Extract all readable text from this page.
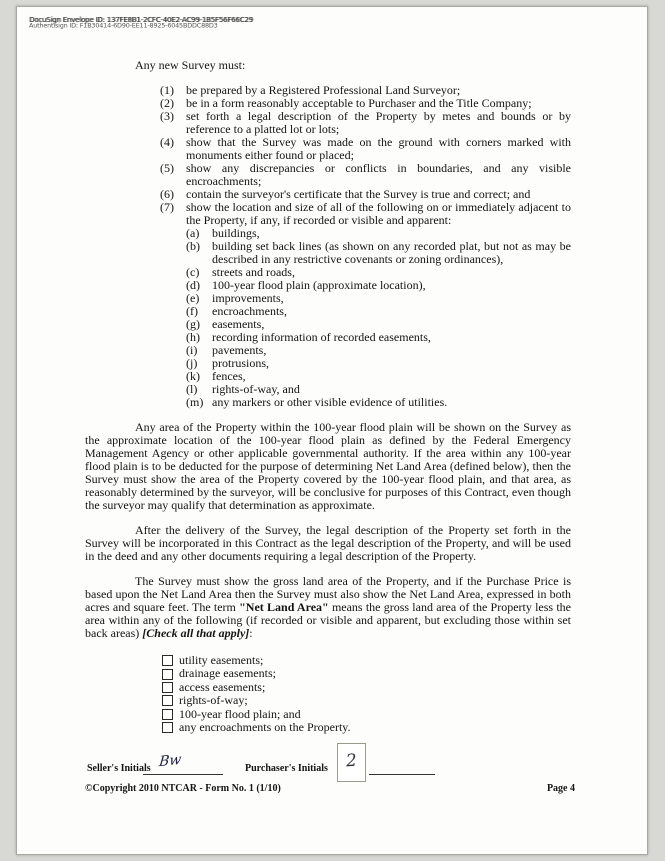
DocuSign Envelope ID: 137FE8B1-2CFC-40E2-AC99-1B5F56F66C29
Authentisign ID: F1B30414-6D90-EE11-8925-6045BDDC88D3

Any new Survey must:

(1) be prepared by a Registered Professional Land Surveyor;
(2) be in a form reasonably acceptable to Purchaser and the Title Company;
(3) set forth a legal description of the Property by metes and bounds or by reference to a platted lot or lots;
(4) show that the Survey was made on the ground with corners marked with monuments either found or placed;
(5) show any discrepancies or conflicts in boundaries, and any visible encroachments;
(6) contain the surveyor's certificate that the Survey is true and correct; and
(7) show the location and size of all of the following on or immediately adjacent to the Property, if any, if recorded or visible and apparent:
(a) buildings,
(b) building set back lines (as shown on any recorded plat, but not as may be described in any restrictive covenants or zoning ordinances),
(c) streets and roads,
(d) 100-year flood plain (approximate location),
(e) improvements,
(f) encroachments,
(g) easements,
(h) recording information of recorded easements,
(i) pavements,
(j) protrusions,
(k) fences,
(l) rights-of-way, and
(m) any markers or other visible evidence of utilities.

Any area of the Property within the 100-year flood plain will be shown on the Survey as the approximate location of the 100-year flood plain as defined by the Federal Emergency Management Agency or other applicable governmental authority. If the area within any 100-year flood plain is to be deducted for the purpose of determining Net Land Area (defined below), then the Survey must show the area of the Property covered by the 100-year flood plain, and that area, as reasonably determined by the surveyor, will be conclusive for purposes of this Contract, even though the surveyor may qualify that determination as approximate.

After the delivery of the Survey, the legal description of the Property set forth in the Survey will be incorporated in this Contract as the legal description of the Property, and will be used in the deed and any other documents requiring a legal description of the Property.

The Survey must show the gross land area of the Property, and if the Purchase Price is based upon the Net Land Area then the Survey must also show the Net Land Area, expressed in both acres and square feet. The term "Net Land Area" means the gross land area of the Property less the area within any of the following (if recorded or visible and apparent, but excluding those within set back areas) [Check all that apply]:

utility easements;
drainage easements;
access easements;
rights-of-way;
100-year flood plain; and
any encroachments on the Property.
Seller's Initials Bw	Purchaser's Initials	2
©Copyright 2010 NTCAR - Form No. 1 (1/10)	Page 4
